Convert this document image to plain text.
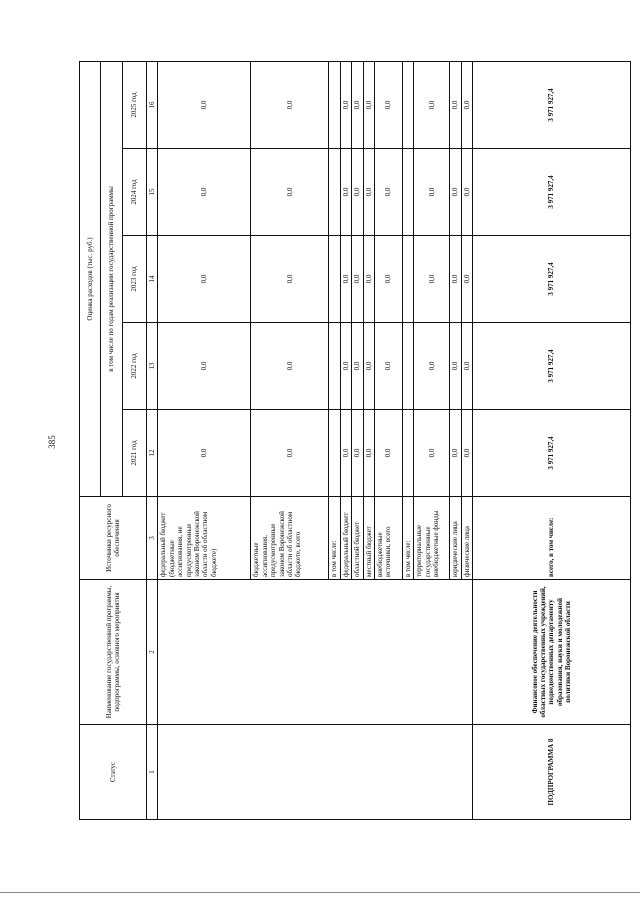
385
Статус	Наименование государственной программы, подпрограммы, основного мероприятия	Источники ресурсного обеспечения	Оценка расходов (тыс. руб.)				
			в том числе по годам реализации государственной программы				
			2021 год	2022 год	2023 год	2024 год	2025 год
1	2	3	12	13	14	15	16
		федеральный бюджет (бюджетные ассигнования, не предусмотренные законом Воронежской области об областном бюджете)	0,0	0,0	0,0	0,0	0,0
		бюджетные ассигнования, предусмотренные законом Воронежской области об областном бюджете, всего	0,0	0,0	0,0	0,0	0,0
		в том числе:					
		федеральный бюджет	0,0	0,0	0,0	0,0	0,0
		областной бюджет	0,0	0,0	0,0	0,0	0,0
		местный бюджет	0,0	0,0	0,0	0,0	0,0
		внебюджетные источники, всего	0,0	0,0	0,0	0,0	0,0
		в том числе:					
		территориальные государственные внебюджетные фонды	0,0	0,0	0,0	0,0	0,0
		юридические лица	0,0	0,0	0,0	0,0	0,0
		физические лица	0,0	0,0	0,0	0,0	0,0
ПОДПРОГРАММА 8	Финансовое обеспечение деятельности областных государственных учреждений, подведомственных департаменту образования, науки и молодежной политики Воронежской области	всего, в том числе:	3 971 927,4	3 971 927,4	3 971 927,4	3 971 927,4	3 971 927,4
